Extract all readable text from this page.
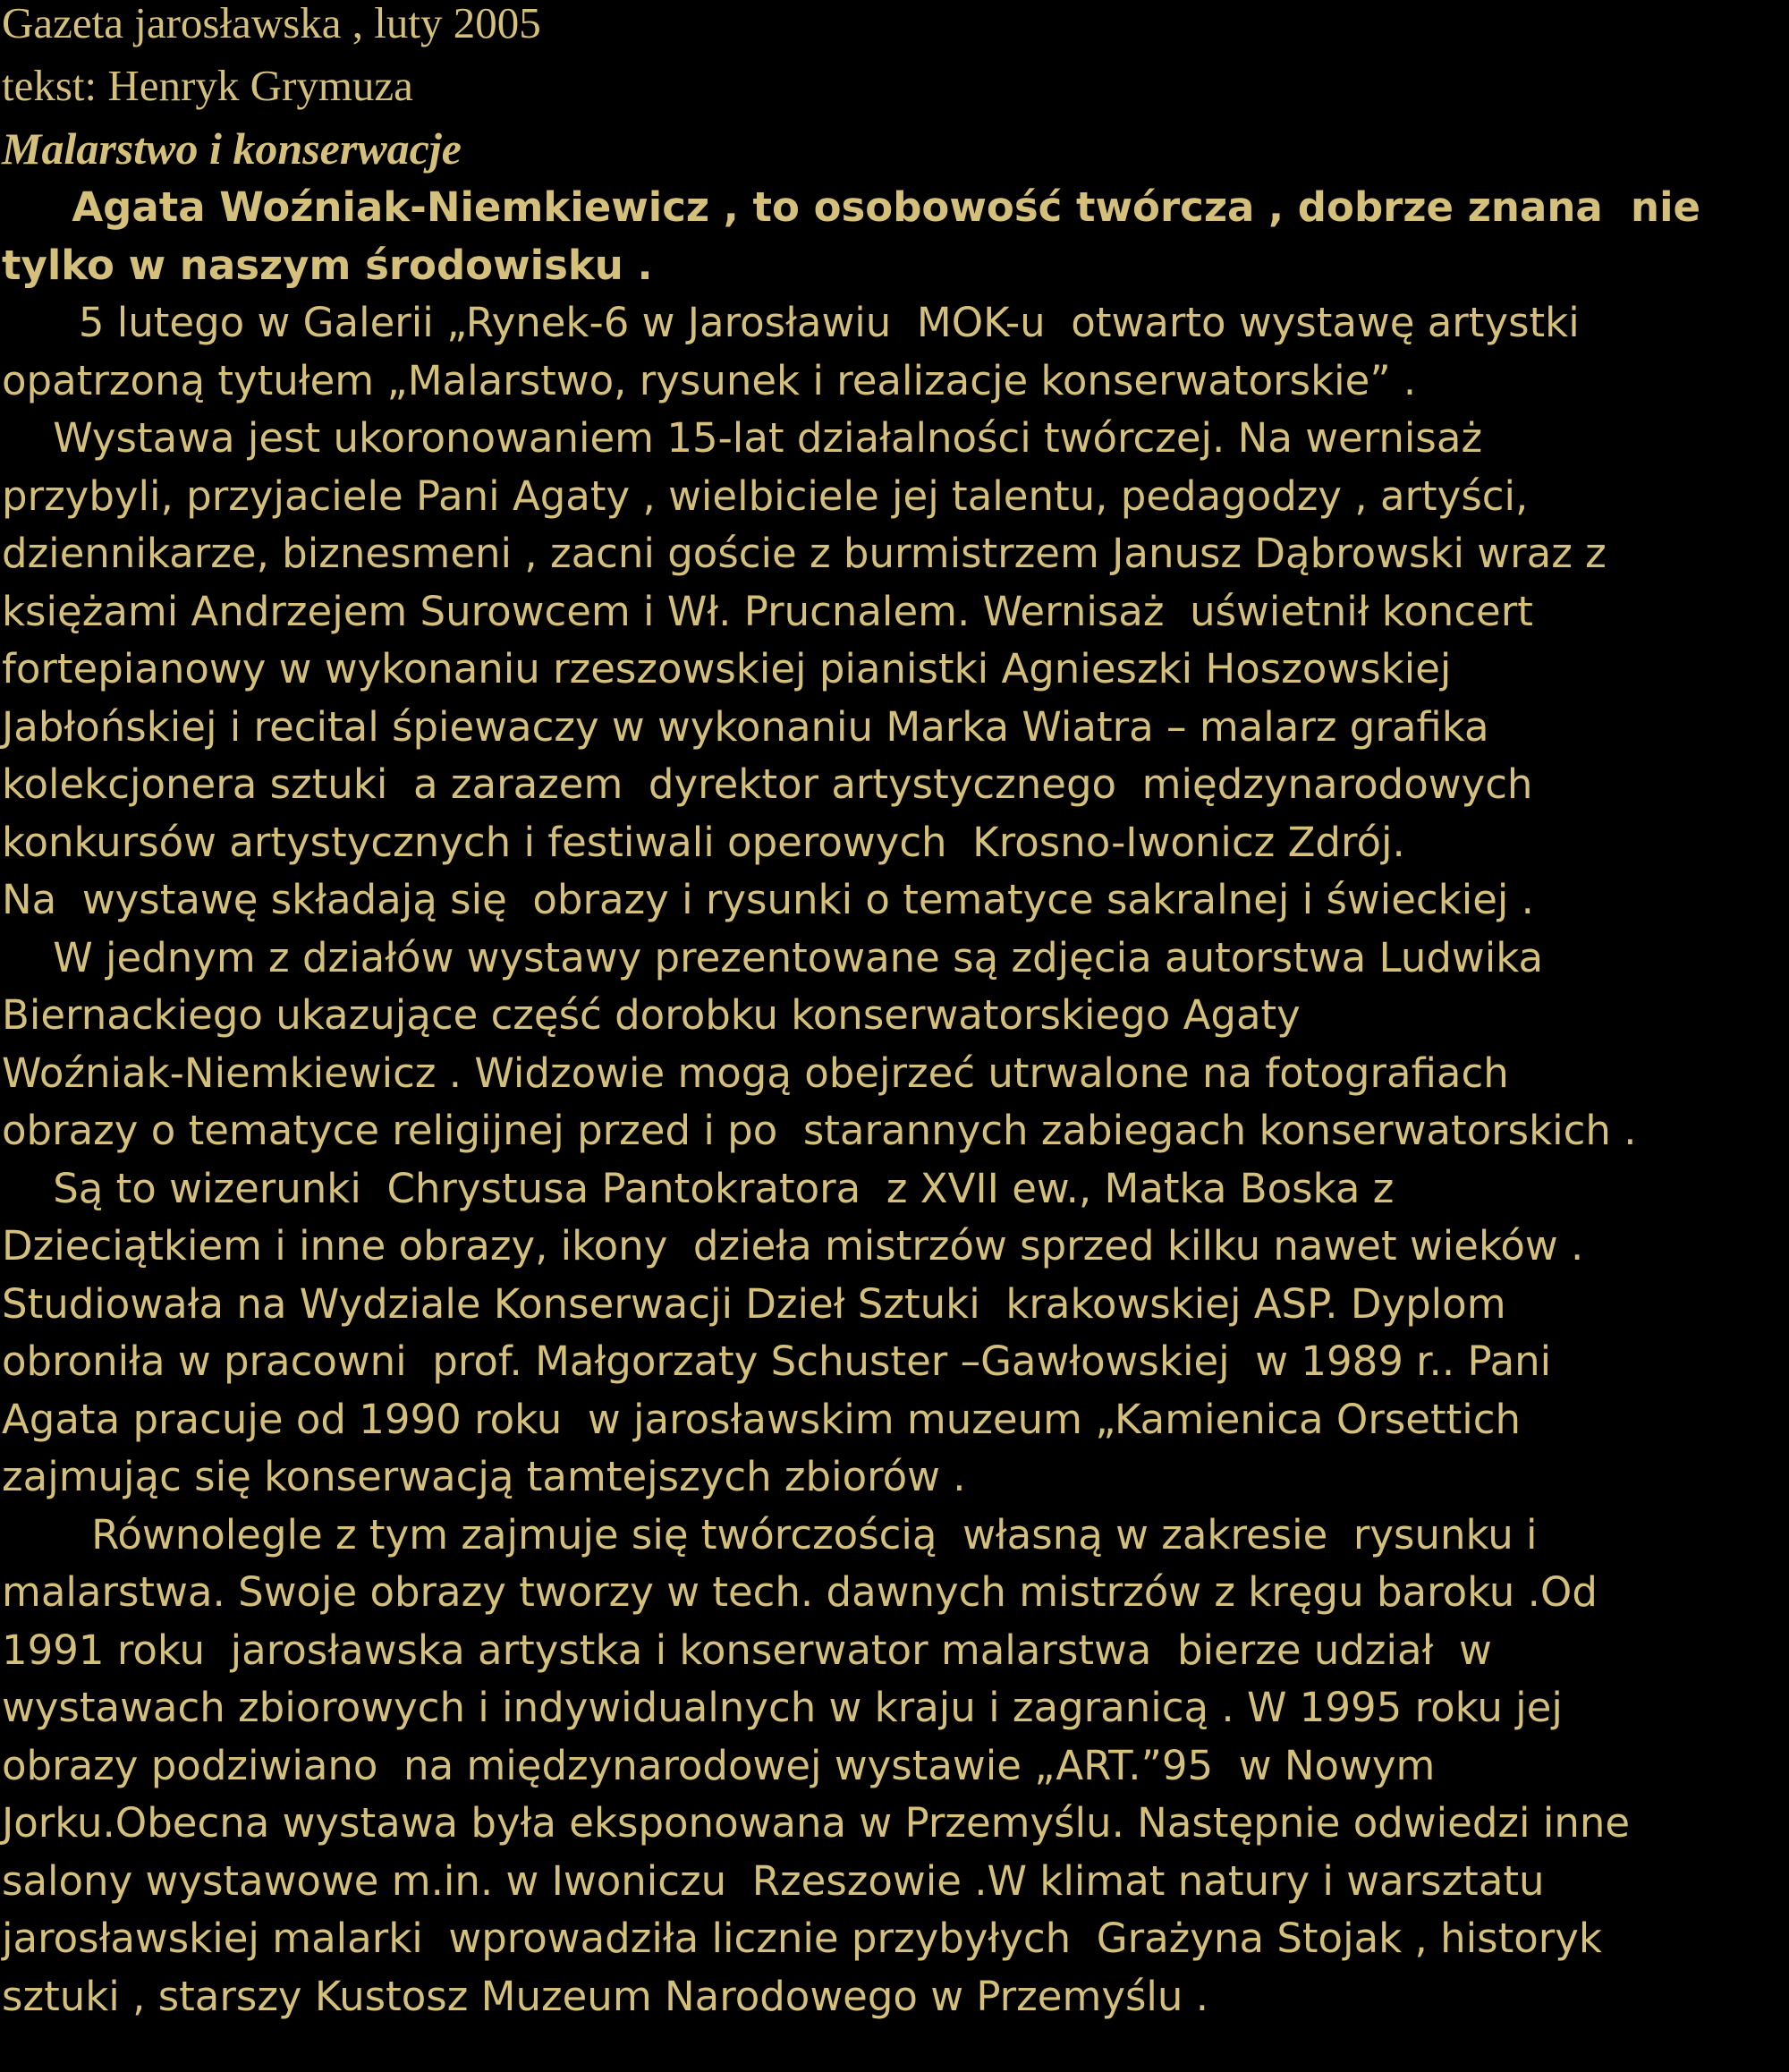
Gazeta jarosławska , luty 2005

tekst: Henryk Grymuza

Malarstwo i konserwacje
Agata Woźniak-Niemkiewicz , to osobowość twórcza , dobrze znana  nie
tylko w naszym środowisku .
5 lutego w Galerii „Rynek-6 w Jarosławiu  MOK-u  otwarto wystawę artystki
opatrzoną tytułem „Malarstwo, rysunek i realizacje konserwatorskie” .
Wystawa jest ukoronowaniem 15-lat działalności twórczej. Na wernisaż
przybyli, przyjaciele Pani Agaty , wielbiciele jej talentu, pedagodzy , artyści,
dziennikarze, biznesmeni , zacni goście z burmistrzem Janusz Dąbrowski wraz z
księżami Andrzejem Surowcem i Wł. Prucnalem. Wernisaż  uświetnił koncert
fortepianowy w wykonaniu rzeszowskiej pianistki Agnieszki Hoszowskiej
Jabłońskiej i recital śpiewaczy w wykonaniu Marka Wiatra – malarz grafika
kolekcjonera sztuki  a zarazem  dyrektor artystycznego  międzynarodowych
konkursów artystycznych i festiwali operowych  Krosno-Iwonicz Zdrój.
Na  wystawę składają się  obrazy i rysunki o tematyce sakralnej i świeckiej .
W jednym z działów wystawy prezentowane są zdjęcia autorstwa Ludwika
Biernackiego ukazujące część dorobku konserwatorskiego Agaty
Woźniak-Niemkiewicz . Widzowie mogą obejrzeć utrwalone na fotografiach
obrazy o tematyce religijnej przed i po  starannych zabiegach konserwatorskich .
Są to wizerunki  Chrystusa Pantokratora  z XVII ew., Matka Boska z
Dzieciątkiem i inne obrazy, ikony  dzieła mistrzów sprzed kilku nawet wieków .
Studiowała na Wydziale Konserwacji Dzieł Sztuki  krakowskiej ASP. Dyplom
obroniła w pracowni  prof. Małgorzaty Schuster –Gawłowskiej  w 1989 r.. Pani
Agata pracuje od 1990 roku  w jarosławskim muzeum „Kamienica Orsettich
zajmując się konserwacją tamtejszych zbiorów .
Równolegle z tym zajmuje się twórczością  własną w zakresie  rysunku i
malarstwa. Swoje obrazy tworzy w tech. dawnych mistrzów z kręgu baroku .Od
1991 roku  jarosławska artystka i konserwator malarstwa  bierze udział  w
wystawach zbiorowych i indywidualnych w kraju i zagranicą . W 1995 roku jej
obrazy podziwiano  na międzynarodowej wystawie „ART.”95  w Nowym
Jorku.Obecna wystawa była eksponowana w Przemyślu. Następnie odwiedzi inne
salony wystawowe m.in. w Iwoniczu  Rzeszowie .W klimat natury i warsztatu
jarosławskiej malarki  wprowadziła licznie przybyłych  Grażyna Stojak , historyk
sztuki , starszy Kustosz Muzeum Narodowego w Przemyślu .
